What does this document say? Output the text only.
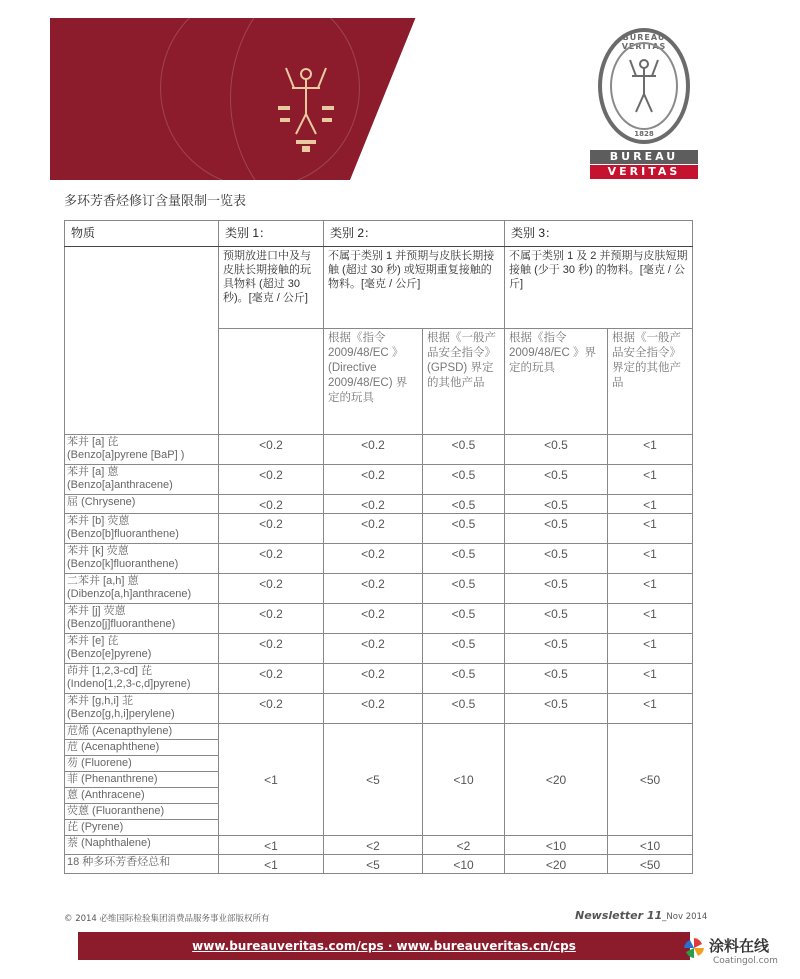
BUREAU VERITAS
1828
BUREAU
VERITAS
多环芳香烃修订含量限制一览表
物质	类别 1：	类别 2：		类别 3：	
	预期放进口中及与皮肤长期接触的玩具物料 (超过 30 秒)。[毫克 / 公斤]	不属于类别 1 并预期与皮肤长期接触 (超过 30 秒) 或短期重复接触的物料。[毫克 / 公斤]		不属于类别 1 及 2 并预期与皮肤短期接触 (少于 30 秒) 的物料。[毫克 / 公斤]	
		根据《指令 2009/48/EC 》(Directive 2009/48/EC) 界定的玩具	根据《一般产品安全指令》(GPSD) 界定的其他产品	根据《指令 2009/48/EC 》界定的玩具	根据《一般产品安全指令》界定的其他产品

苯并 [a] 芘
(Benzo[a]pyrene [BaP] )	<0.2	<0.2	<0.5	<0.5	<1

苯并 [a] 蒽
(Benzo[a]anthracene)	<0.2	<0.2	<0.5	<0.5	<1

屈 (Chrysene)	<0.2	<0.2	<0.5	<0.5	<1

苯并 [b] 荧蒽
(Benzo[b]fluoranthene)	<0.2	<0.2	<0.5	<0.5	<1

苯并 [k] 荧蒽
(Benzo[k]fluoranthene)	<0.2	<0.2	<0.5	<0.5	<1

二苯并 [a,h] 蒽
(Dibenzo[a,h]anthracene)	<0.2	<0.2	<0.5	<0.5	<1

苯并 [j] 荧蒽
(Benzo[j]fluoranthene)	<0.2	<0.2	<0.5	<0.5	<1

苯并 [e] 芘
(Benzo[e]pyrene)	<0.2	<0.2	<0.5	<0.5	<1

茚并 [1,2,3-cd] 芘
(Indeno[1,2,3-c,d]pyrene)	<0.2	<0.2	<0.5	<0.5	<1

苯并 [g,h,i] 苝
(Benzo[g,h,i]perylene)	<0.2	<0.2	<0.5	<0.5	<1
苊烯 (Acenapthylene)	<1	<5	<10	<20	<50
苊 (Acenaphthene)					
芴 (Fluorene)					
菲 (Phenanthrene)					
蒽 (Anthracene)					
荧蒽 (Fluoranthene)					
芘 (Pyrene)					
萘 (Naphthalene)	<1	<2	<2	<10	<10
18 种多环芳香烃总和	<1	<5	<10	<20	<50
© 2014 必维国际检验集团消费品服务事业部版权所有	Newsletter 11_Nov 2014
www.bureauveritas.com/cps · www.bureauveritas.cn/cps	涂料在线
Coatingol.com
